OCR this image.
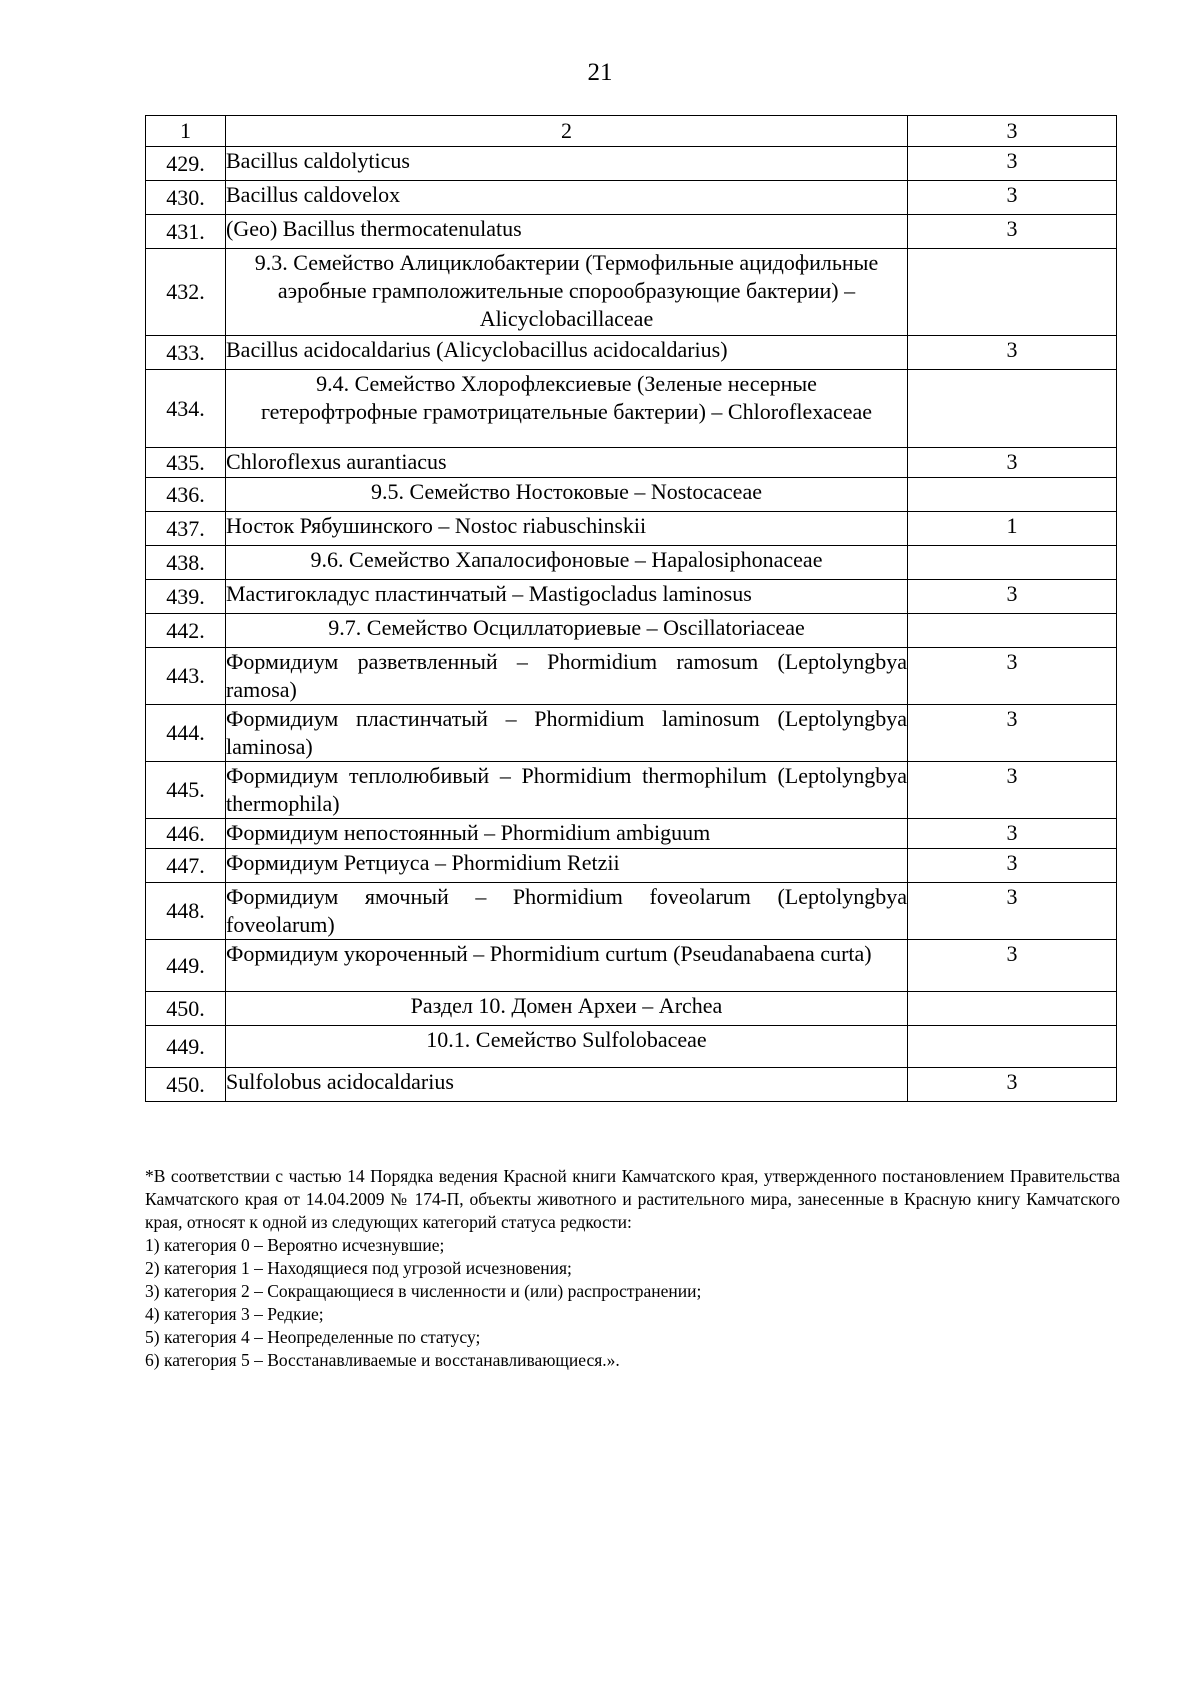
21
1	2	3
429.	Bacillus caldolyticus	3
430.	Bacillus caldovelox	3
431.	(Geo) Bacillus thermocatenulatus	3
432.	9.3. Семейство Алициклобактерии (Термофильные ацидофильные аэробные грамположительные спорообразующие бактерии) – Alicyclobacillaceae	
433.	Bacillus acidocaldarius (Alicyclobacillus acidocaldarius)	3
434.	9.4. Семейство Хлорофлексиевые (Зеленые несерные гетерофтрофные грамотрицательные бактерии) – Chloroflexaceae	
435.	Chloroflexus aurantiacus	3
436.	9.5. Семейство Ностоковые – Nostocaceae	
437.	Носток Рябушинского – Nostoc riabuschinskii	1
438.	9.6. Семейство Хапалосифоновые – Hapalosiphonaceae	
439.	Мастигокладус пластинчатый – Mastigocladus laminosus	3
442.	9.7. Семейство Осциллаториевые – Oscillatoriaceae	
443.	Формидиум разветвленный – Phormidium ramosum (Leptolyngbya ramosa)	3
444.	Формидиум пластинчатый – Phormidium laminosum (Leptolyngbya laminosa)	3
445.	Формидиум теплолюбивый – Phormidium thermophilum (Leptolyngbya thermophila)	3
446.	Формидиум непостоянный – Phormidium ambiguum	3
447.	Формидиум Ретциуса – Phormidium Retzii	3
448.	Формидиум ямочный – Phormidium foveolarum (Leptolyngbya foveolarum)	3
449.	Формидиум укороченный – Phormidium curtum (Pseudanabaena curta)	3
450.	Раздел 10. Домен Археи – Archea	
449.	10.1. Семейство Sulfolobaceae	
450.	Sulfolobus acidocaldarius	3

*В соответствии с частью 14 Порядка ведения Красной книги Камчатского края, утвержденного постановлением Правительства Камчатского края от 14.04.2009 № 174-П, объекты животного и растительного мира, занесенные в Красную книгу Камчатского края, относят к одной из следующих категорий статуса редкости:

1) категория 0 – Вероятно исчезнувшие;

2) категория 1 – Находящиеся под угрозой исчезновения;

3) категория 2 – Сокращающиеся в численности и (или) распространении;

4) категория 3 – Редкие;

5) категория 4 – Неопределенные по статусу;

6) категория 5 – Восстанавливаемые и восстанавливающиеся.».
